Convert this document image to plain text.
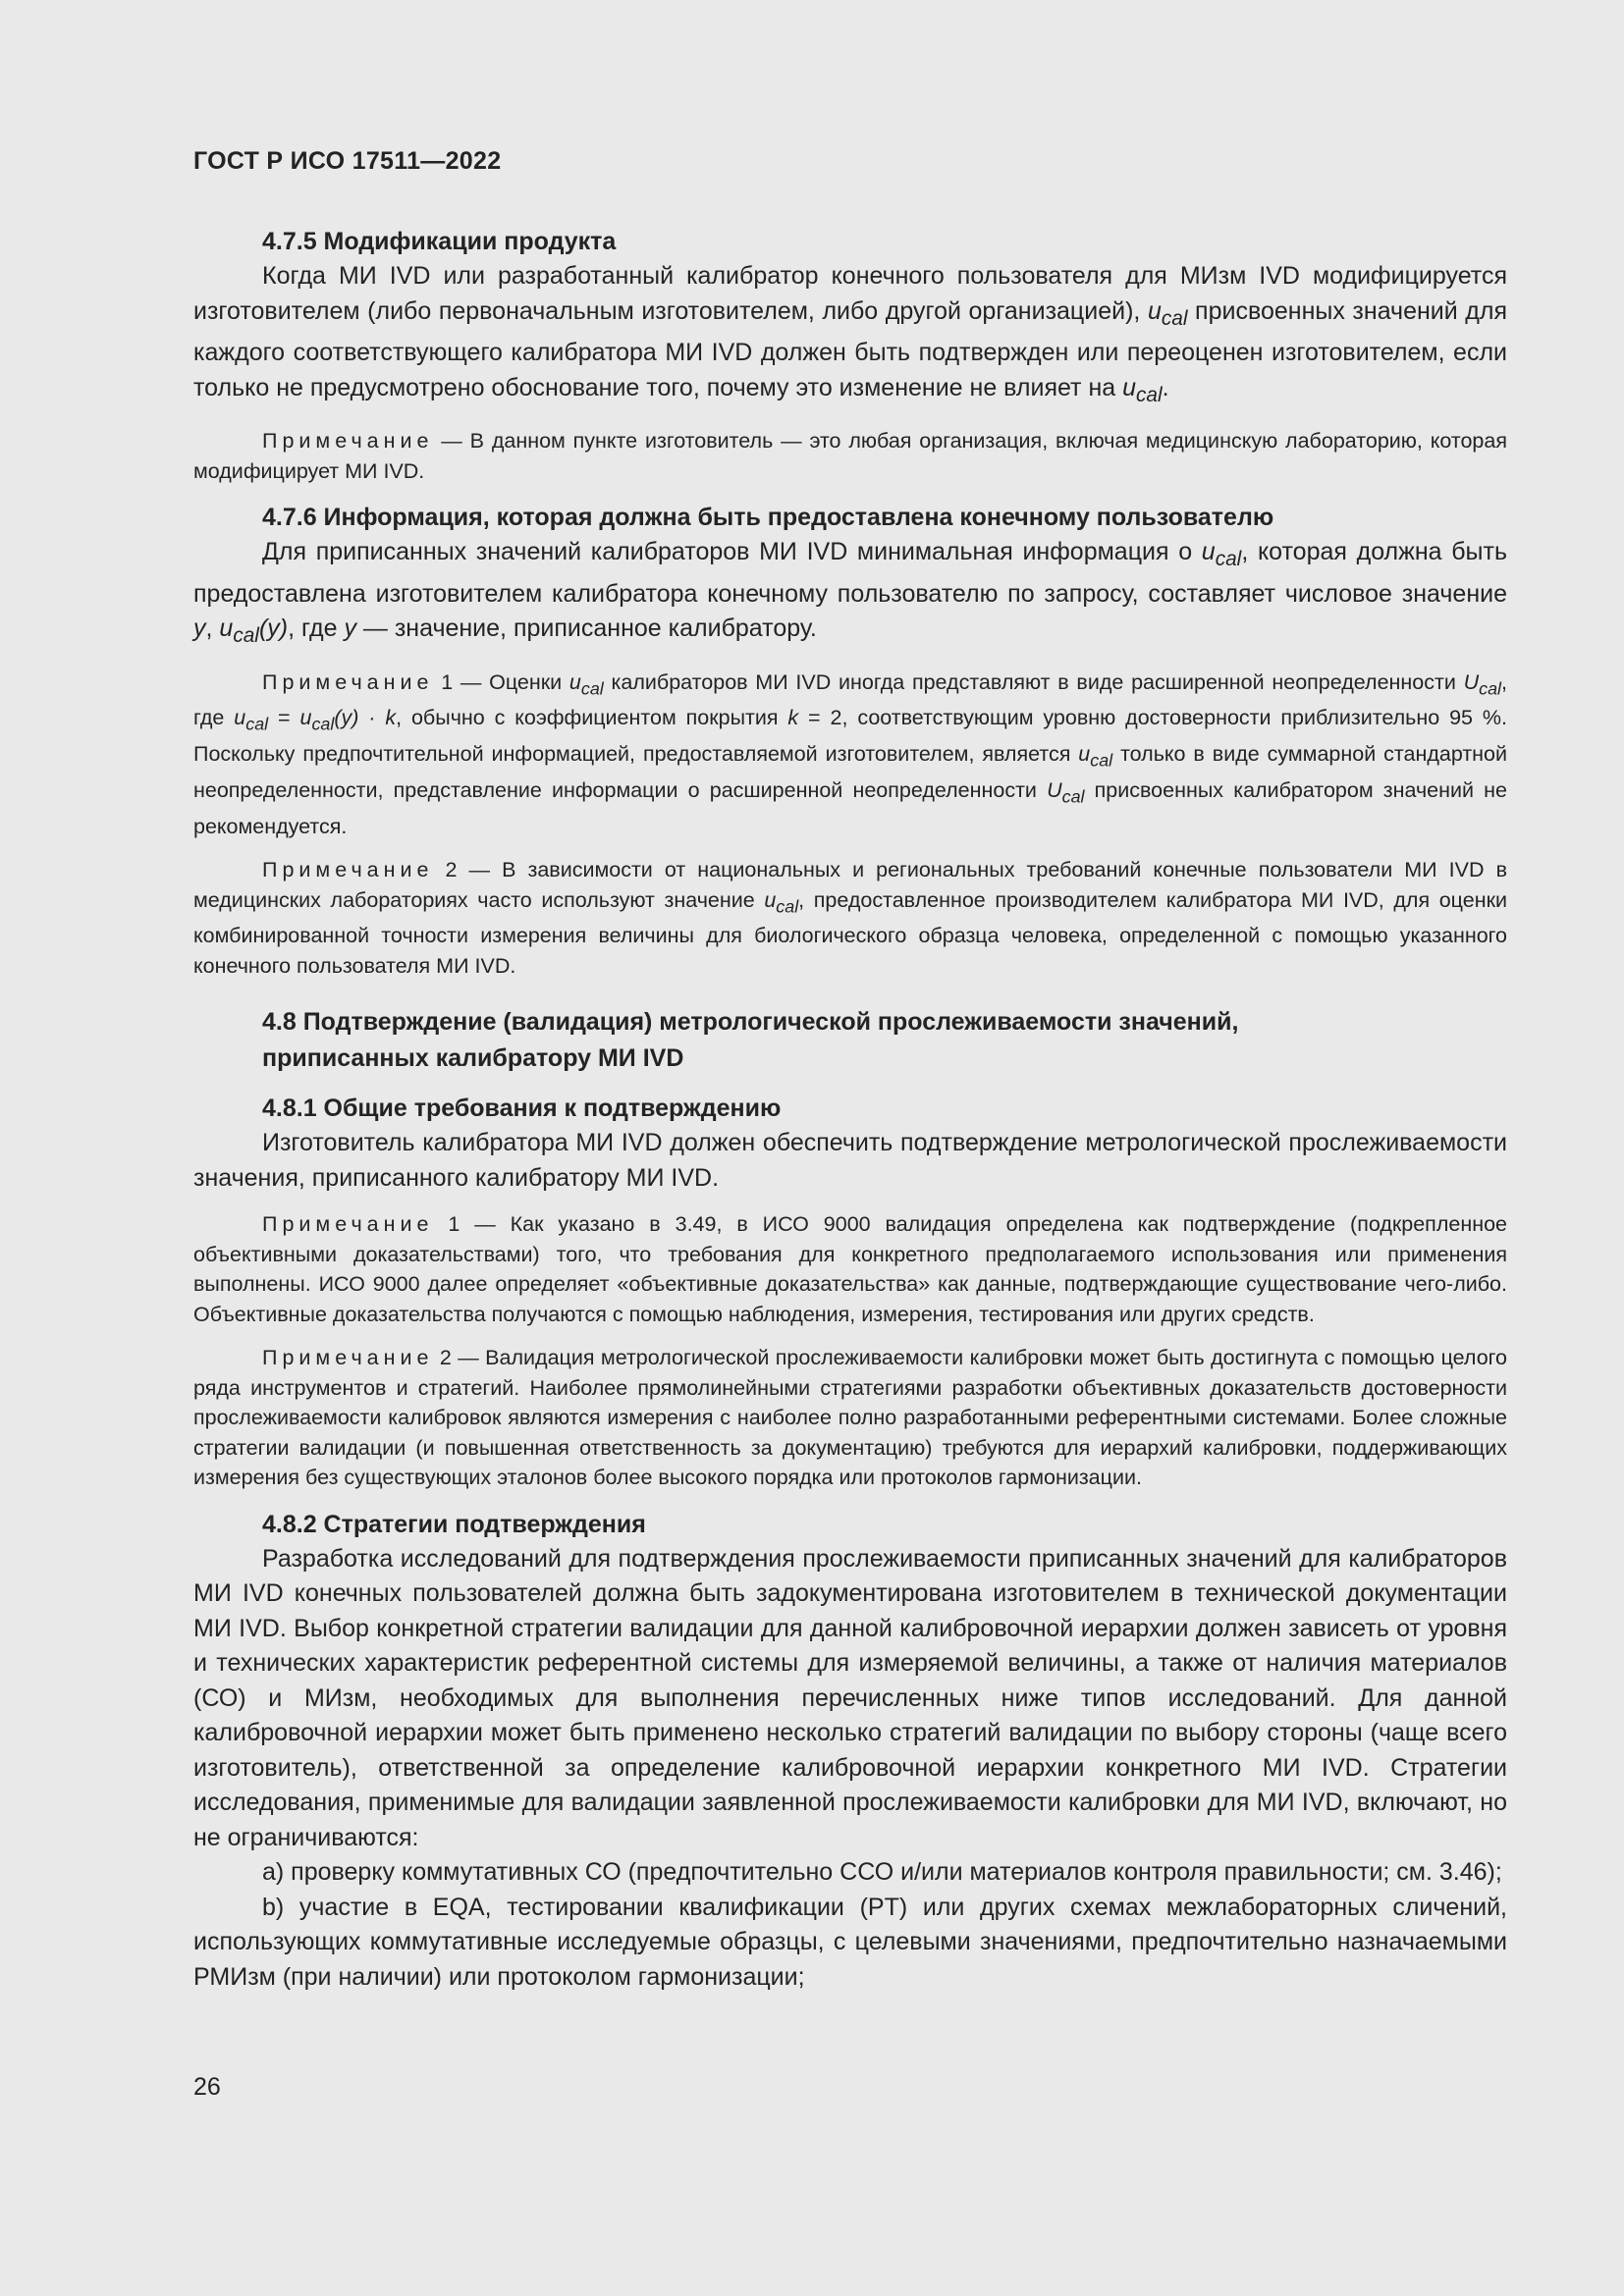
ГОСТ Р ИСО 17511—2022
4.7.5 Модификации продукта

Когда МИ IVD или разработанный калибратор конечного пользователя для МИзм IVD модифицируется изготовителем (либо первоначальным изготовителем, либо другой организацией), $u_{cal}$ присвоенных значений для каждого соответствующего калибратора МИ IVD должен быть подтвержден или переоценен изготовителем, если только не предусмотрено обоснование того, почему это изменение не влияет на $u_{cal}$.

Примечание — В данном пункте изготовитель — это любая организация, включая медицинскую лабораторию, которая модифицирует МИ IVD.

4.7.6 Информация, которая должна быть предоставлена конечному пользователю

Для приписанных значений калибраторов МИ IVD минимальная информация о $u_{cal}$, которая должна быть предоставлена изготовителем калибратора конечному пользователю по запросу, составляет числовое значение y, $u_{cal}(y)$, где y — значение, приписанное калибратору.

Примечание 1 — Оценки $u_{cal}$ калибраторов МИ IVD иногда представляют в виде расширенной неопределенности $U_{cal}$, где $u_{cal} = u_{cal}(y) \cdot k$, обычно с коэффициентом покрытия k = 2, соответствующим уровню достоверности приблизительно 95 %. Поскольку предпочтительной информацией, предоставляемой изготовителем, является $u_{cal}$ только в виде суммарной стандартной неопределенности, представление информации о расширенной неопределенности $U_{cal}$ присвоенных калибратором значений не рекомендуется.

Примечание 2 — В зависимости от национальных и региональных требований конечные пользователи МИ IVD в медицинских лабораториях часто используют значение $u_{cal}$, предоставленное производителем калибратора МИ IVD, для оценки комбинированной точности измерения величины для биологического образца человека, определенной с помощью указанного конечного пользователя МИ IVD.

4.8 Подтверждение (валидация) метрологической прослеживаемости значений,
приписанных калибратору МИ IVD
4.8.1 Общие требования к подтверждению

Изготовитель калибратора МИ IVD должен обеспечить подтверждение метрологической прослеживаемости значения, приписанного калибратору МИ IVD.

Примечание 1 — Как указано в 3.49, в ИСО 9000 валидация определена как подтверждение (подкрепленное объективными доказательствами) того, что требования для конкретного предполагаемого использования или применения выполнены. ИСО 9000 далее определяет «объективные доказательства» как данные, подтверждающие существование чего-либо. Объективные доказательства получаются с помощью наблюдения, измерения, тестирования или других средств.

Примечание 2 — Валидация метрологической прослеживаемости калибровки может быть достигнута с помощью целого ряда инструментов и стратегий. Наиболее прямолинейными стратегиями разработки объективных доказательств достоверности прослеживаемости калибровок являются измерения с наиболее полно разработанными референтными системами. Более сложные стратегии валидации (и повышенная ответственность за документацию) требуются для иерархий калибровки, поддерживающих измерения без существующих эталонов более высокого порядка или протоколов гармонизации.

4.8.2 Стратегии подтверждения

Разработка исследований для подтверждения прослеживаемости приписанных значений для калибраторов МИ IVD конечных пользователей должна быть задокументирована изготовителем в технической документации МИ IVD. Выбор конкретной стратегии валидации для данной калибровочной иерархии должен зависеть от уровня и технических характеристик референтной системы для измеряемой величины, а также от наличия материалов (СО) и МИзм, необходимых для выполнения перечисленных ниже типов исследований. Для данной калибровочной иерархии может быть применено несколько стратегий валидации по выбору стороны (чаще всего изготовитель), ответственной за определение калибровочной иерархии конкретного МИ IVD. Стратегии исследования, применимые для валидации заявленной прослеживаемости калибровки для МИ IVD, включают, но не ограничиваются:

a) проверку коммутативных СО (предпочтительно ССО и/или материалов контроля правильности; см. 3.46);

b) участие в EQA, тестировании квалификации (PT) или других схемах межлабораторных сличений, использующих коммутативные исследуемые образцы, с целевыми значениями, предпочтительно назначаемыми РМИзм (при наличии) или протоколом гармонизации;

26
